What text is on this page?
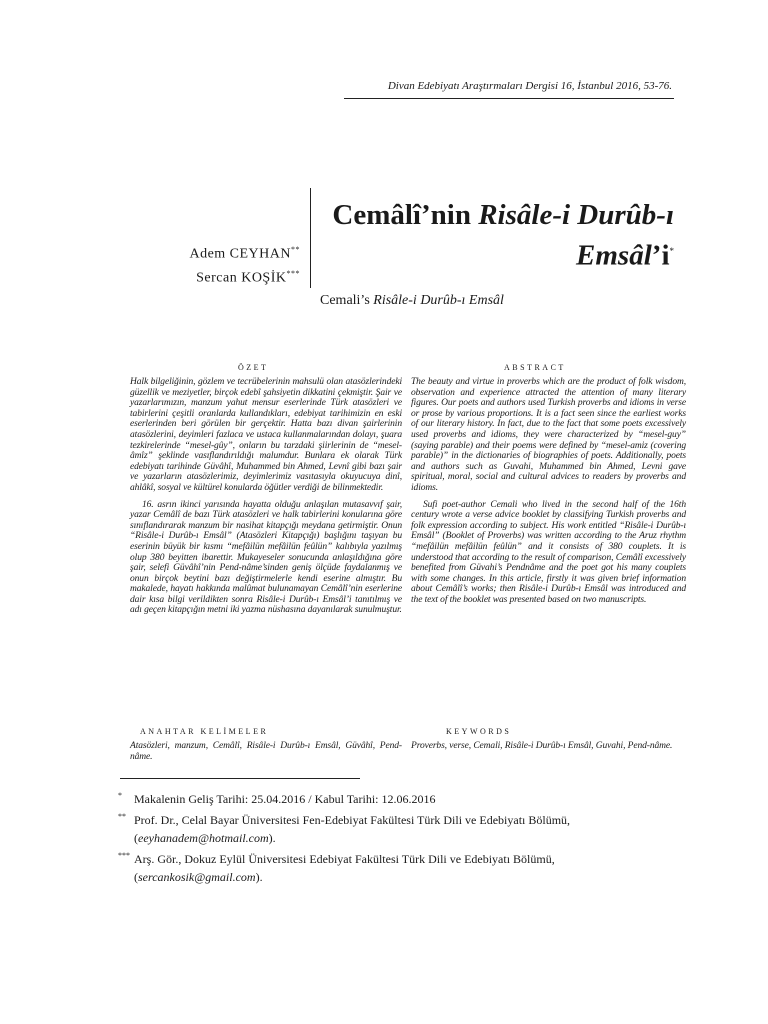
Divan Edebiyatı Araştırmaları Dergisi 16, İstanbul 2016, 53-76.
Adem CEYHAN**
Sercan KOŞİK***
Cemâlî’nin Risâle-i Durûb-ı Emsâl’i*
Cemali’s Risâle-i Durûb-ı Emsâl
ÖZET	ABSTRACT

Halk bilgeliğinin, gözlem ve tecrübelerinin mahsulü olan atasözlerindeki güzellik ve meziyetler, birçok edebî şahsiyetin dikkatini çekmiştir. Şair ve yazarlarımızın, manzum yahut mensur eserlerinde Türk atasözleri ve tabirlerini çeşitli oranlarda kullandıkları, edebiyat tarihimizin en eski eserlerinden beri görülen bir gerçektir. Hatta bazı divan şairlerinin atasözlerini, deyimleri fazlaca ve ustaca kullanmalarından dolayı, şuara tezkirelerinde “mesel-gûy”, onların bu tarzdaki şiirlerinin de “mesel-âmîz” şeklinde vasıflandırıldığı malumdur. Bunlara ek olarak Türk edebiyatı tarihinde Güvâhî, Muhammed bin Ahmed, Levnî gibi bazı şair ve yazarların atasözlerimiz, deyimlerimiz vasıtasıyla okuyucuya dinî, ahlâkî, sosyal ve kültürel konularda öğütler verdiği de bilinmektedir.

16. asrın ikinci yarısında hayatta olduğu anlaşılan mutasavvıf şair, yazar Cemâlî de bazı Türk atasözleri ve halk tabirlerini konularına göre sınıflandırarak manzum bir nasihat kitapçığı meydana getirmiştir. Onun “Risâle-i Durûb-ı Emsâl” (Atasözleri Kitapçığı) başlığını taşıyan bu eserinin büyük bir kısmı “mefâilün mefâilün feûlün” kalıbıyla yazılmış olup 380 beyitten ibarettir. Mukayeseler sonucunda anlaşıldığına göre şair, selefi Güvâhî’nin Pend-nâme’sinden geniş ölçüde faydalanmış ve onun birçok beytini bazı değiştirmelerle kendi eserine almıştır. Bu makalede, hayatı hakkında malûmat bulunamayan Cemâlî’nin eserlerine dair kısa bilgi verildikten sonra Risâle-i Durûb-ı Emsâl’i tanıtılmış ve adı geçen kitapçığın metni iki yazma nüshasına dayanılarak sunulmuştur.

The beauty and virtue in proverbs which are the product of folk wisdom, observation and experience attracted the attention of many literary figures. Our poets and authors used Turkish proverbs and idioms in verse or prose by various proportions. It is a fact seen since the earliest works of our literary history. In fact, due to the fact that some poets excessively used proverbs and idioms, they were characterized by “mesel-guy” (saying parable) and their poems were defined by “mesel-amiz (covering parable)” in the dictionaries of biographies of poets. Additionally, poets and authors such as Guvahi, Muhammed bin Ahmed, Levni gave spiritual, moral, social and cultural advices to readers by proverbs and idioms.

Sufi poet-author Cemali who lived in the second half of the 16th century wrote a verse advice booklet by classifying Turkish proverbs and folk expression according to subject. His work entitled “Risâle-i Durûb-ı Emsâl” (Booklet of Proverbs) was written according to the Aruz rhythm “mefâilün mefâilün feûlün” and it consists of 380 couplets. It is understood that according to the result of comparison, Cemâlî excessively benefited from Güvahi’s Pendnâme and the poet got his many couplets with some changes. In this article, firstly it was given brief information about Cemâlî’s works; then Risâle-i Durûb-ı Emsâl was introduced and the text of the booklet was presented based on two manuscripts.

ANAHTAR KELİMELER
Atasözleri, manzum, Cemâlî, Risâle-i Durûb-ı Emsâl, Güvâhî, Pend-nâme.
KEYWORDS
Proverbs, verse, Cemali, Risâle-i Durûb-ı Emsâl, Guvahi, Pend-nâme.
* Makalenin Geliş Tarihi: 25.04.2016 / Kabul Tarihi: 12.06.2016
** Prof. Dr., Celal Bayar Üniversitesi Fen-Edebiyat Fakültesi Türk Dili ve Edebiyatı Bölümü, (eeyhanadem@hotmail.com).
*** Arş. Gör., Dokuz Eylül Üniversitesi Edebiyat Fakültesi Türk Dili ve Edebiyatı Bölümü, (sercankosik@gmail.com).
